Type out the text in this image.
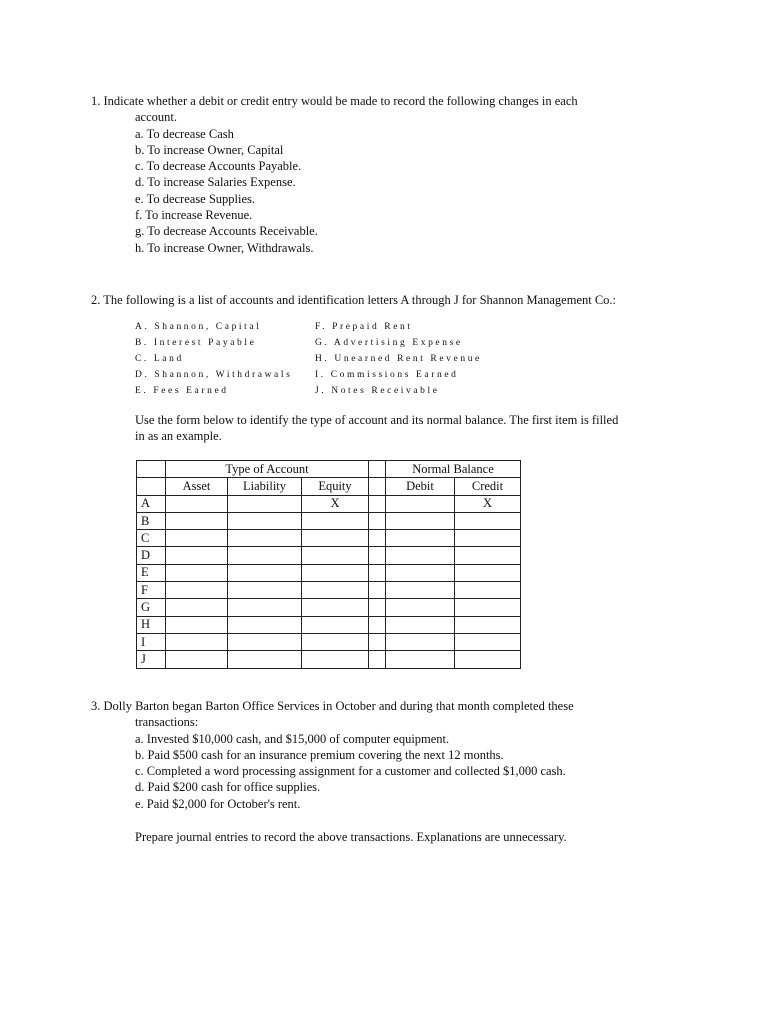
1. Indicate whether a debit or credit entry would be made to record the following changes in each
account.
a. To decrease Cash
b. To increase Owner, Capital
c. To decrease Accounts Payable.
d. To increase Salaries Expense.
e. To decrease Supplies.
f. To increase Revenue.
g. To decrease Accounts Receivable.
h. To increase Owner, Withdrawals.
2. The following is a list of accounts and identification letters A through J for Shannon Management Co.:
A. Shannon, Capital
B. Interest Payable
C. Land
D. Shannon, Withdrawals
E. Fees Earned
F. Prepaid Rent
G. Advertising Expense
H. Unearned Rent Revenue
I. Commissions Earned
J. Notes Receivable
Use the form below to identify the type of account and its normal balance. The first item is filled
in as an example.
	Type of Account				Normal Balance	
	Asset	Liability	Equity		Debit	Credit
A			X			X
B						
C						
D						
E						
F						
G						
H						
I						
J						
3. Dolly Barton began Barton Office Services in October and during that month completed these
transactions:
a. Invested $10,000 cash, and $15,000 of computer equipment.
b. Paid $500 cash for an insurance premium covering the next 12 months.
c. Completed a word processing assignment for a customer and collected $1,000 cash.
d. Paid $200 cash for office supplies.
e. Paid $2,000 for October's rent.
Prepare journal entries to record the above transactions. Explanations are unnecessary.
